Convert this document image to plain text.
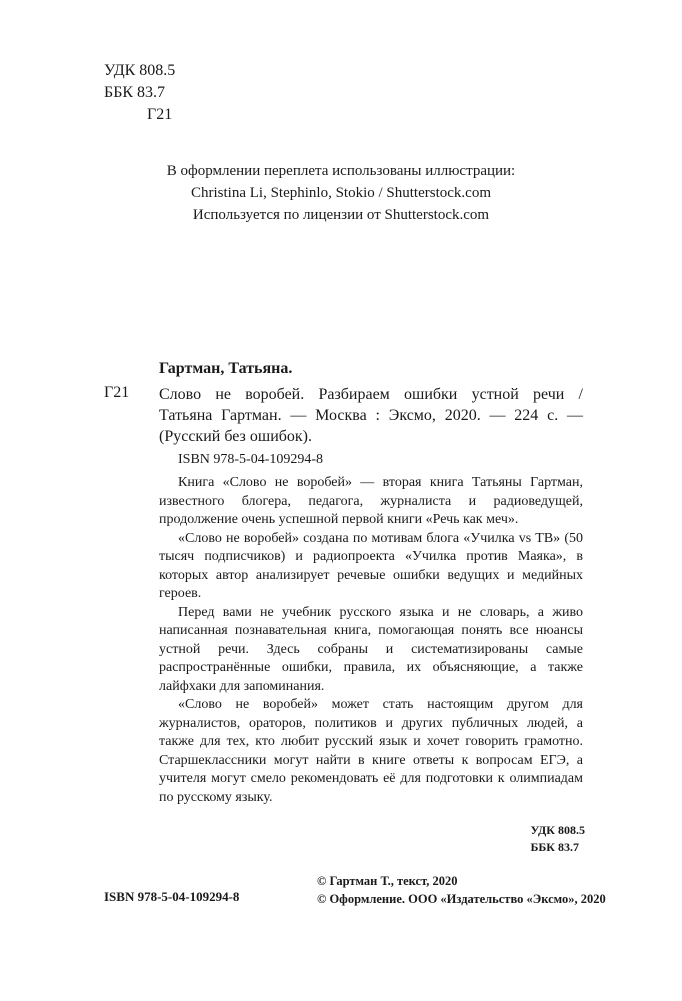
УДК 808.5
ББК 83.7
Г21
В оформлении переплета использованы иллюстрации:
Christina Li, Stephinlo, Stokio / Shutterstock.com
Используется по лицензии от Shutterstock.com
Гартман, Татьяна.
Г21 Слово не воробей. Разбираем ошибки устной речи /
Татьяна Гартман. — Москва : Эксмо, 2020. — 224 с. —
(Русский без ошибок).
ISBN 978-5-04-109294-8

Книга «Слово не воробей» — вторая книга Татьяны Гартман, известного блогера, педагога, журналиста и радиоведущей, продолжение очень успешной первой книги «Речь как меч».

«Слово не воробей» создана по мотивам блога «Училка vs ТВ» (50 тысяч подписчиков) и радиопроекта «Училка против Маяка», в которых автор анализирует речевые ошибки ведущих и медийных героев.

Перед вами не учебник русского языка и не словарь, а живо написанная познавательная книга, помогающая понять все нюансы устной речи. Здесь собраны и систематизированы самые распространённые ошибки, правила, их объясняющие, а также лайфхаки для запоминания.

«Слово не воробей» может стать настоящим другом для журналистов, ораторов, политиков и других публичных людей, а также для тех, кто любит русский язык и хочет говорить грамотно. Старшеклассники могут найти в книге ответы к вопросам ЕГЭ, а учителя могут смело рекомендовать её для подготовки к олимпиадам по русскому языку.

УДК 808.5
ББК 83.7
ISBN 978-5-04-109294-8
© Гартман Т., текст, 2020
© Оформление. ООО «Издательство «Эксмо», 2020
